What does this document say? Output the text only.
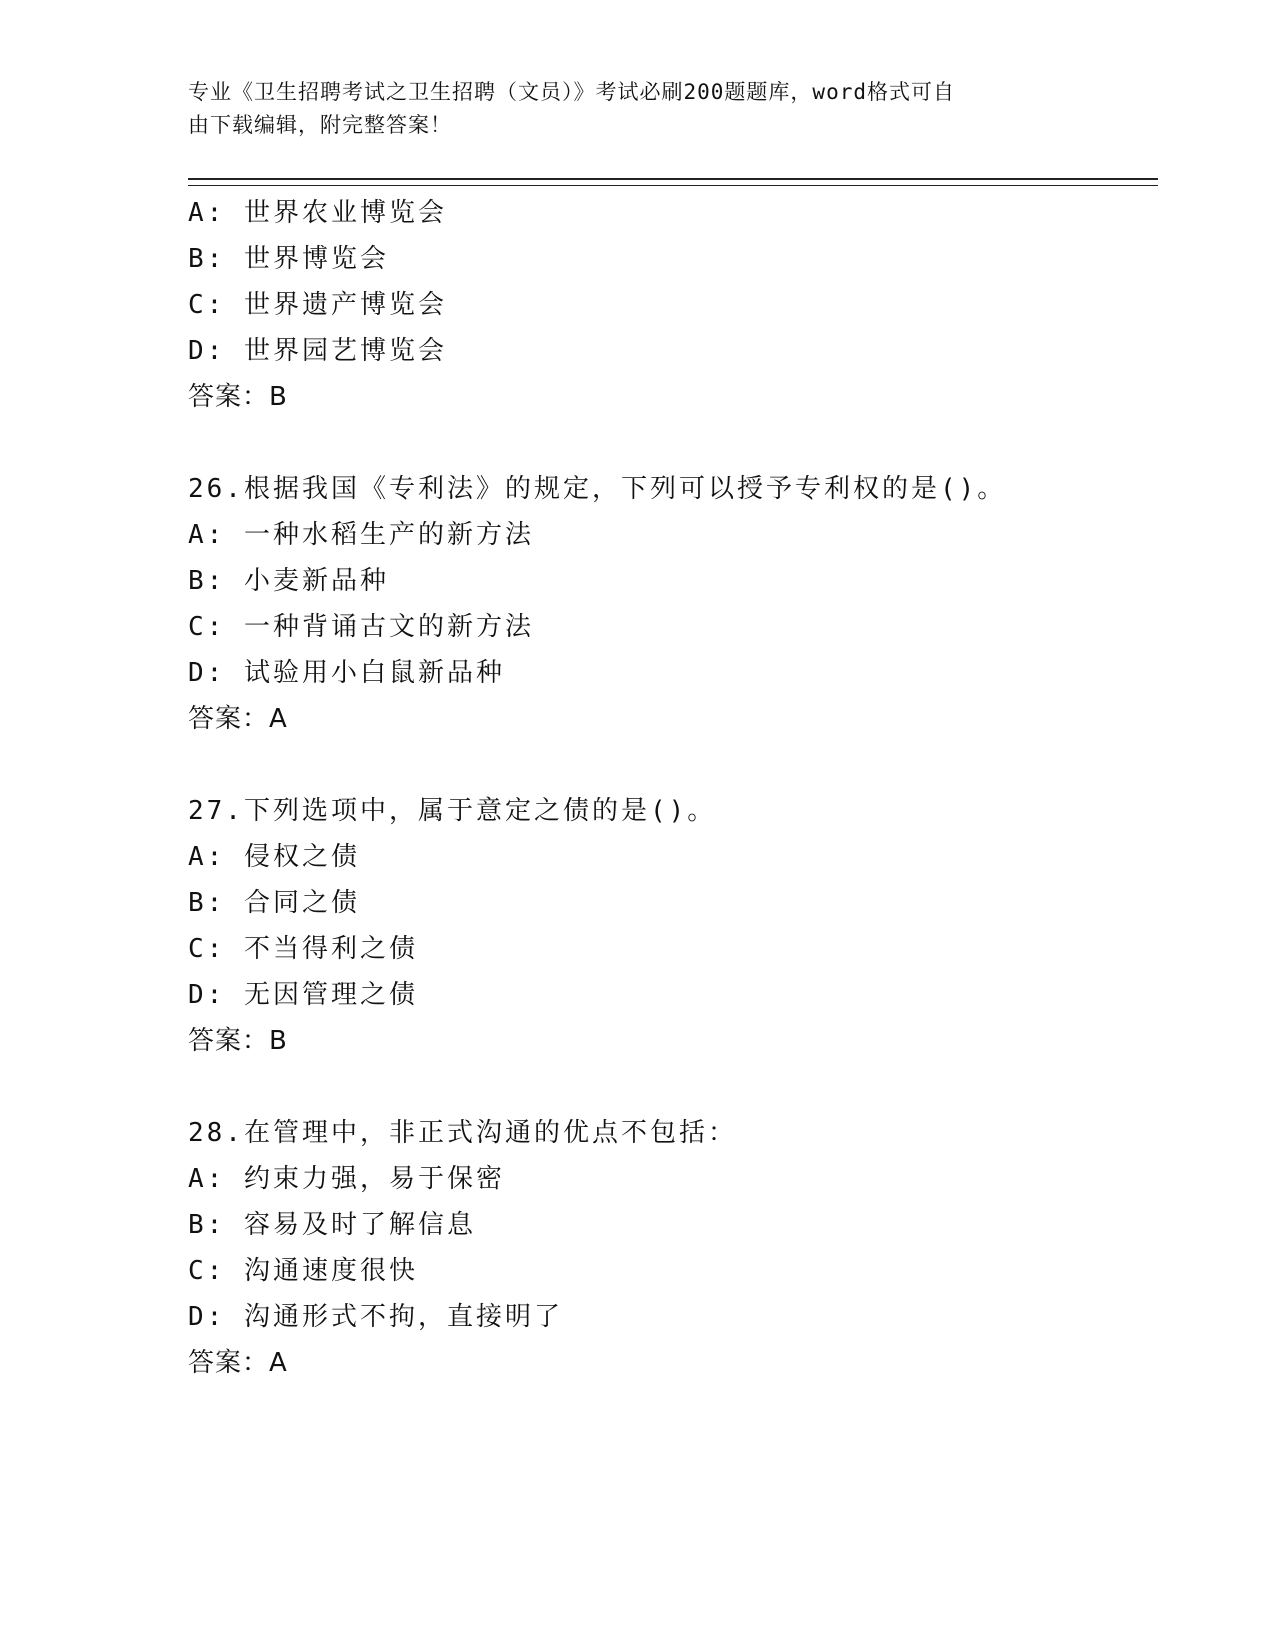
专业《卫生招聘考试之卫生招聘（文员）》考试必刷200题题库，word格式可自
由下载编辑，附完整答案！
A: 世界农业博览会
B: 世界博览会
C: 世界遗产博览会
D: 世界园艺博览会
答案：B
26.根据我国《专利法》的规定，下列可以授予专利权的是()。
A: 一种水稻生产的新方法
B: 小麦新品种
C: 一种背诵古文的新方法
D: 试验用小白鼠新品种
答案：A
27.下列选项中，属于意定之债的是()。
A: 侵权之债
B: 合同之债
C: 不当得利之债
D: 无因管理之债
答案：B
28.在管理中，非正式沟通的优点不包括：
A: 约束力强，易于保密
B: 容易及时了解信息
C: 沟通速度很快
D: 沟通形式不拘，直接明了
答案：A
